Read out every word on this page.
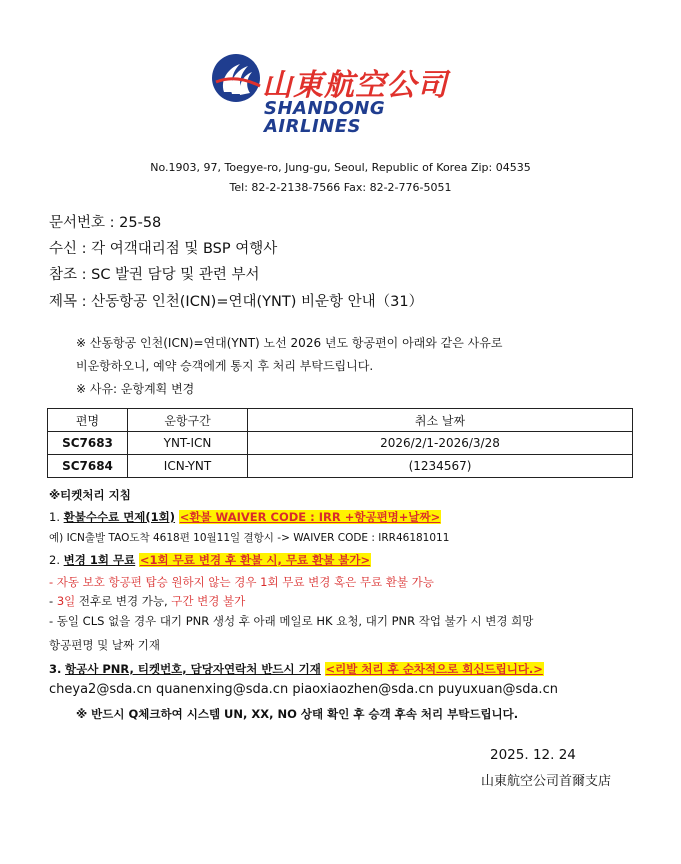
山東航空公司
SHANDONG
AIRLINES
No.1903, 97, Toegye-ro, Jung-gu, Seoul, Republic of Korea Zip: 04535
Tel: 82-2-2138-7566 Fax: 82-2-776-5051
문서번호 : 25-58
수신 : 각 여객대리점 및 BSP 여행사
참조 : SC 발권 담당 및 관련 부서
제목 : 산동항공 인천(ICN)=연대(YNT) 비운항 안내（31）
※ 산동항공 인천(ICN)=연대(YNT) 노선 2026 년도 항공편이 아래와 같은 사유로
비운항하오니, 예약 승객에게 통지 후 처리 부탁드립니다.
※ 사유: 운항계획 변경
편명	운항구간	취소 날짜
SC7683	YNT-ICN	2026/2/1-2026/3/28
SC7684	ICN-YNT	(1234567)
※티켓처리 지침
1. 환불수수료 면제(1회) <환불 WAIVER CODE : IRR +항공편명+날짜>
예) ICN출발 TAO도착 4618편 10월11일 결항시 -> WAIVER CODE : IRR46181011
2. 변경 1회 무료 <1회 무료 변경 후 환불 시, 무료 환불 불가>
- 자동 보호 항공편 탑승 원하지 않는 경우 1회 무료 변경 혹은 무료 환불 가능
- 3일 전후로 변경 가능, 구간 변경 불가
- 동일 CLS 없을 경우 대기 PNR 생성 후 아래 메일로 HK 요청, 대기 PNR 작업 불가 시 변경 희망
항공편명 및 날짜 기재
3. 항공사 PNR, 티켓번호, 담당자연락처 반드시 기재 <리발 처리 후 순차적으로 회신드립니다.>
cheya2@sda.cn quanenxing@sda.cn piaoxiaozhen@sda.cn puyuxuan@sda.cn
※ 반드시 Q체크하여 시스템 UN, XX, NO 상태 확인 후 승객 후속 처리 부탁드립니다.
2025. 12. 24
山東航空公司首爾支店
